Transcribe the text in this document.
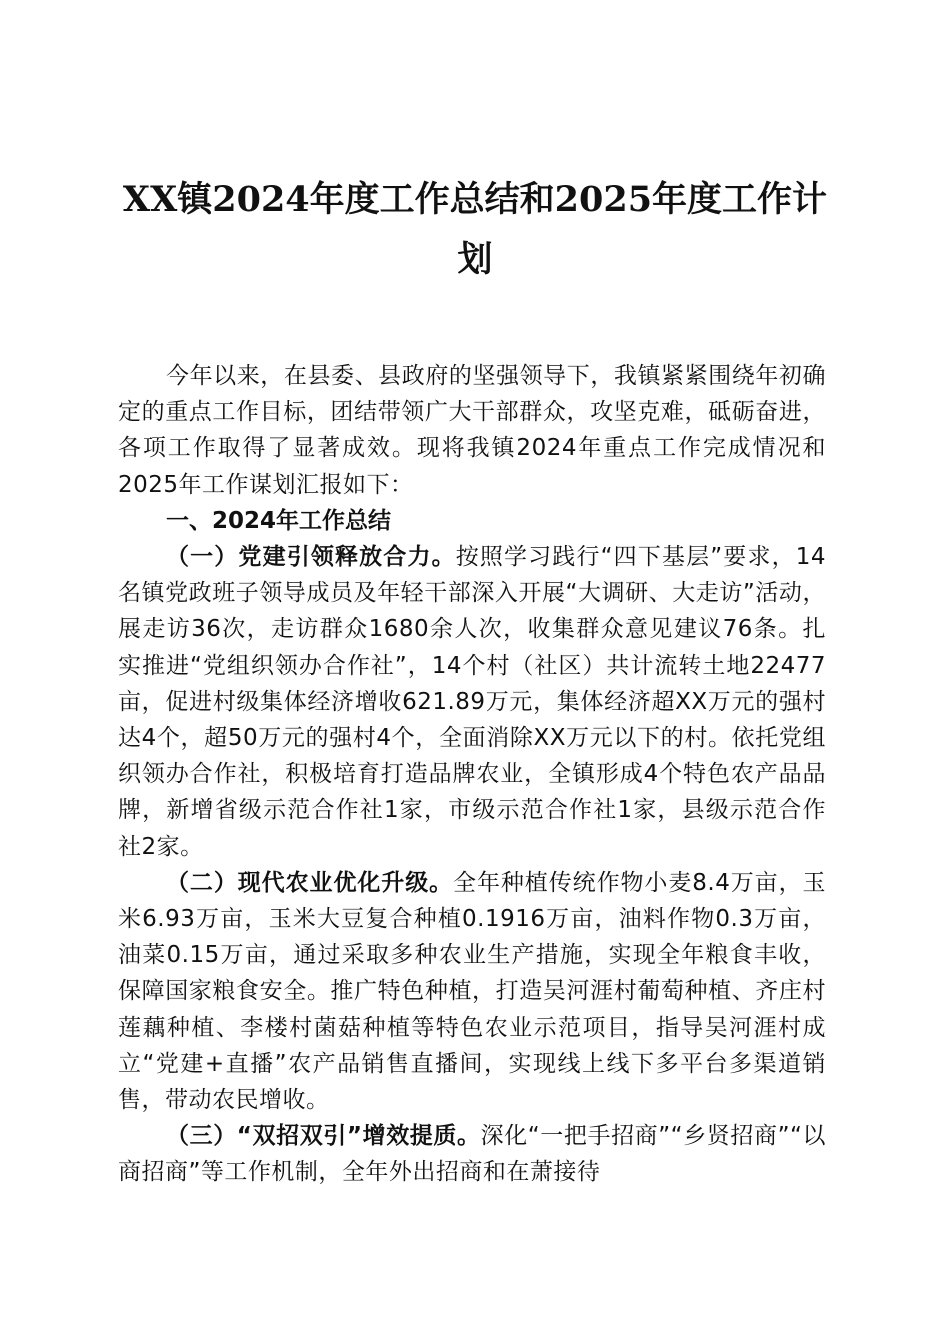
XX镇2024年度工作总结和2025年度工作计
划

今年以来，在县委、县政府的坚强领导下，我镇紧紧围绕年初确定的重点工作目标，团结带领广大干部群众，攻坚克难，砥砺奋进，各项工作取得了显著成效。现将我镇2024年重点工作完成情况和2025年工作谋划汇报如下：

一、2024年工作总结

（一）党建引领释放合力。按照学习践行“四下基层”要求，14名镇党政班子领导成员及年轻干部深入开展“大调研、大走访”活动，展走访36次，走访群众1680余人次，收集群众意见建议76条。扎实推进“党组织领办合作社”，14个村（社区）共计流转土地22477亩，促进村级集体经济增收621.89万元，集体经济超XX万元的强村达4个，超50万元的强村4个，全面消除XX万元以下的村。依托党组织领办合作社，积极培育打造品牌农业，全镇形成4个特色农产品品牌，新增省级示范合作社1家，市级示范合作社1家，县级示范合作社2家。

（二）现代农业优化升级。全年种植传统作物小麦8.4万亩，玉米6.93万亩，玉米大豆复合种植0.1916万亩，油料作物0.3万亩，油菜0.15万亩，通过采取多种农业生产措施，实现全年粮食丰收，保障国家粮食安全。推广特色种植，打造吴河涯村葡萄种植、齐庄村莲藕种植、李楼村菌菇种植等特色农业示范项目，指导吴河涯村成立“党建+直播”农产品销售直播间，实现线上线下多平台多渠道销售，带动农民增收。

（三）“双招双引”增效提质。深化“一把手招商”“乡贤招商”“以商招商”等工作机制，全年外出招商和在萧接待
